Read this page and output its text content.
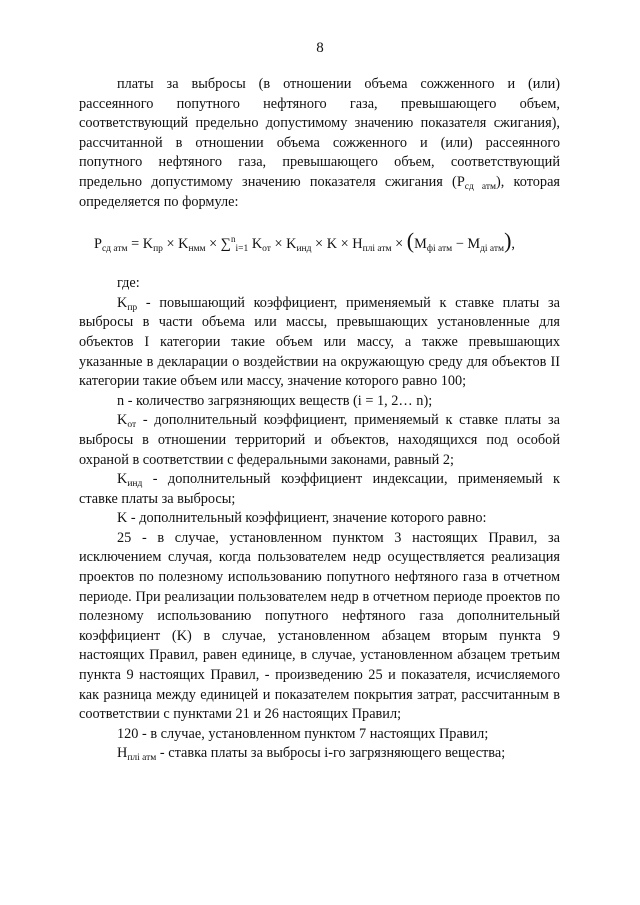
8
$P_{сд атм} = K_{пр} \times K_{нмм} \times \sum^n_{i=1}$ $K_{от} \times K_{инд} \times K \times H_{плi атм} \times (M_{фi атм} - M_{дi атм})$,

платы за выбросы (в отношении объема сожженного и (или) рассеянного попутного нефтяного газа, превышающего объем, соответствующий предельно допустимому значению показателя сжигания), рассчитанной в отношении объема сожженного и (или) рассеянного попутного нефтяного газа, превышающего объем, соответствующий предельно допустимому значению показателя сжигания $(P_{сд атм})$, которая определяется по формуле:

где:

$K_{пр}$ - повышающий коэффициент, применяемый к ставке платы за выбросы в части объема или массы, превышающих установленные для объектов I категории такие объем или массу, а также превышающих указанные в декларации о воздействии на окружающую среду для объектов II категории такие объем или массу, значение которого равно 100;

n - количество загрязняющих веществ (i = 1, 2… n);

$K_{от}$ - дополнительный коэффициент, применяемый к ставке платы за выбросы в отношении территорий и объектов, находящихся под особой охраной в соответствии с федеральными законами, равный 2;

$K_{инд}$ - дополнительный коэффициент индексации, применяемый к ставке платы за выбросы;

K - дополнительный коэффициент, значение которого равно:

25 - в случае, установленном пунктом 3 настоящих Правил, за исключением случая, когда пользователем недр осуществляется реализация проектов по полезному использованию попутного нефтяного газа в отчетном периоде. При реализации пользователем недр в отчетном периоде проектов по полезному использованию попутного нефтяного газа дополнительный коэффициент (K) в случае, установленном абзацем вторым пункта 9 настоящих Правил, равен единице, в случае, установленном абзацем третьим пункта 9 настоящих Правил, - произведению 25 и показателя, исчисляемого как разница между единицей и показателем покрытия затрат, рассчитанным в соответствии с пунктами 21 и 26 настоящих Правил;

120 - в случае, установленном пунктом 7 настоящих Правил;

$H_{плi атм}$ - ставка платы за выбросы i-го загрязняющего вещества;
